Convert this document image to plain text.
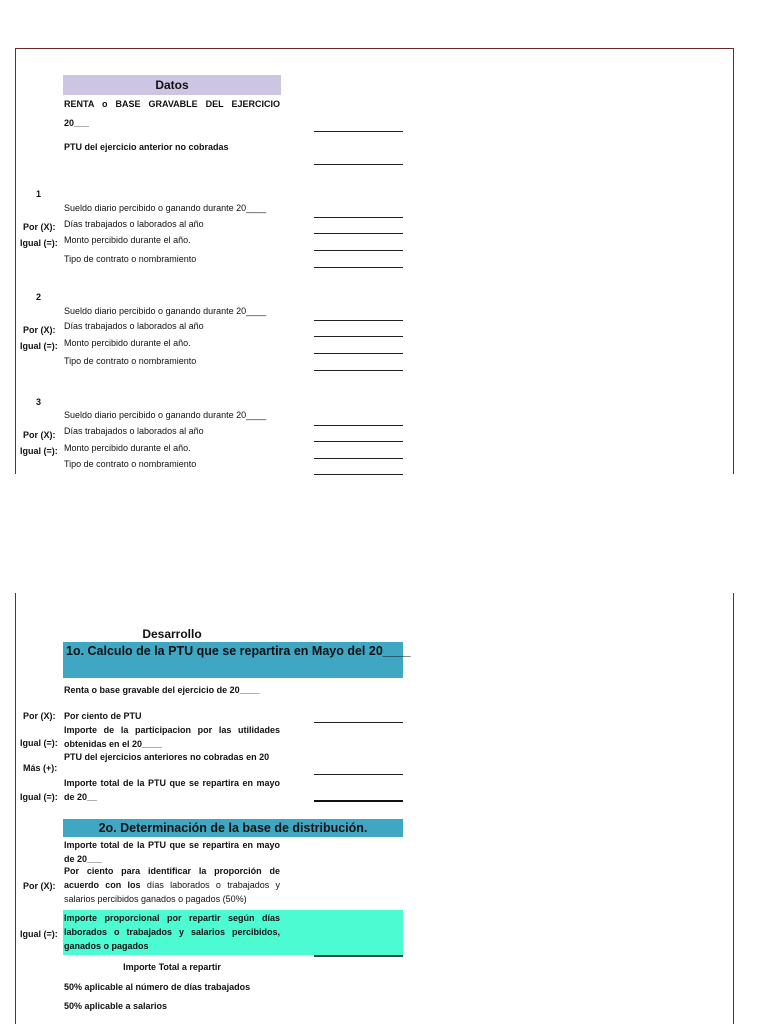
Datos
RENTA o BASE GRAVABLE DEL EJERCICIO
20___
PTU del ejercicio anterior no cobradas
1
Sueldo diario percibido o ganando durante 20____
Por (X): Días trabajados o laborados al año
Igual (=): Monto percibido durante el año.
Tipo de contrato o nombramiento
2
Sueldo diario percibido o ganando durante 20____
Por (X): Días trabajados o laborados al año
Igual (=): Monto percibido durante el año.
Tipo de contrato o nombramiento
3
Sueldo diario percibido o ganando durante 20____
Por (X): Días trabajados o laborados al año
Igual (=): Monto percibido durante el año.
Tipo de contrato o nombramiento
Desarrollo
1o. Calculo de la PTU que se repartira en Mayo del 20____
Renta o base gravable del ejercicio de 20____
Por (X): Por ciento de PTU
Importe de la participacion por las utilidades obtenidas en el 20____
Igual (=):
PTU del ejercicios anteriores no cobradas en 20
Más (+):
Importe total de la PTU que se repartira en mayo de 20__
Igual (=):
2o. Determinación de la base de distribución.
Importe total de la PTU que se repartira en mayo de 20___
Por ciento para identificar la proporción de acuerdo con los días laborados o trabajados y salarios percibidos ganados o pagados (50%)
Por (X):
Importe proporcional por repartir según días laborados o trabajados y salarios percibidos, ganados o pagados
Igual (=):
Importe Total a repartir
50% aplicable al número de días trabajados
50% aplicable a salarios
